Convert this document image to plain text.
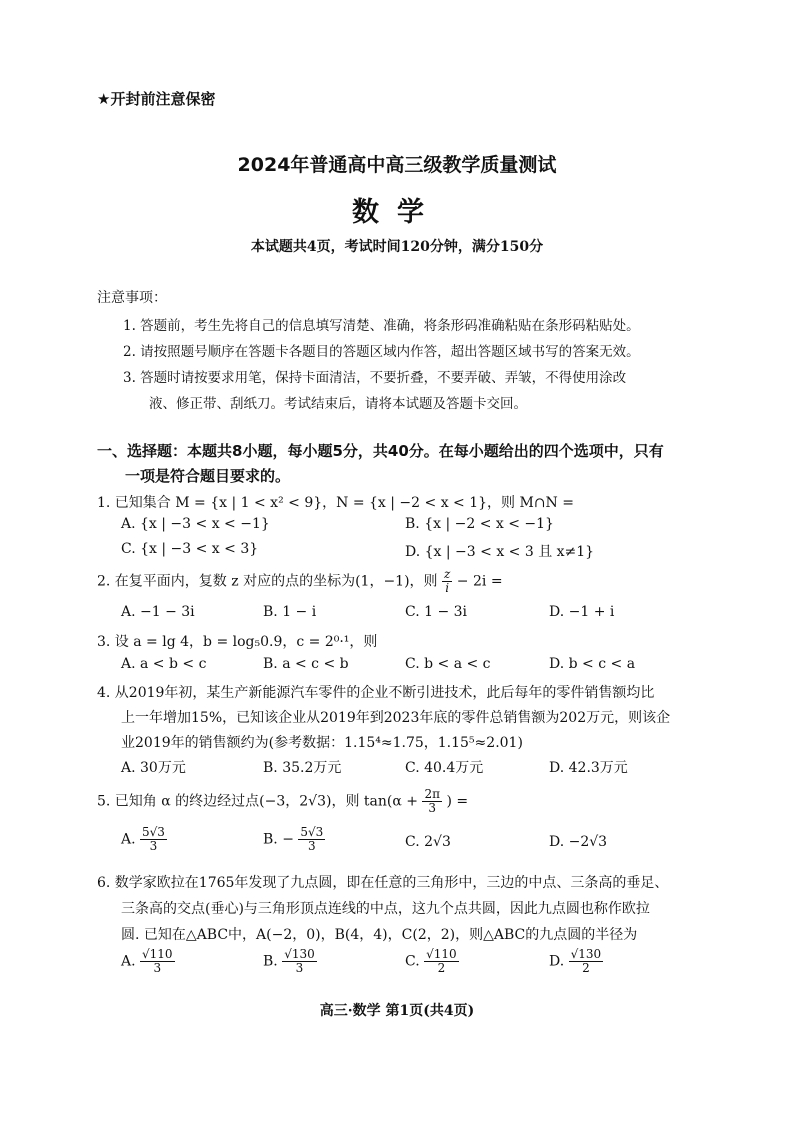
★开封前注意保密
2024年普通高中高三级教学质量测试
数学
本试题共4页，考试时间120分钟，满分150分
注意事项：
1. 答题前，考生先将自己的信息填写清楚、准确，将条形码准确粘贴在条形码粘贴处。
2. 请按照题号顺序在答题卡各题目的答题区域内作答，超出答题区域书写的答案无效。
3. 答题时请按要求用笔，保持卡面清洁，不要折叠，不要弄破、弄皱，不得使用涂改
液、修正带、刮纸刀。考试结束后，请将本试题及答题卡交回。
一、选择题：本题共8小题，每小题5分，共40分。在每小题给出的四个选项中，只有
一项是符合题目要求的。
1. 已知集合 M = {x | 1 < x² < 9}，N = {x | −2 < x < 1}，则 M∩N =
A. {x | −3 < x < −1}	B. {x | −2 < x < −1}
C. {x | −3 < x < 3}	D. {x | −3 < x < 3 且 x≠1}
2. 在复平面内，复数 z 对应的点的坐标为(1，−1)，则 $\frac{z}{i} - 2i$ =
A. −1 − 3i	B. 1 − i	C. 1 − 3i	D. −1 + i
3. 设 a = lg 4，b = log₅0.9，c = 2⁰·¹，则
A. a < b < c	B. a < c < b	C. b < a < c	D. b < c < a
4. 从2019年初，某生产新能源汽车零件的企业不断引进技术，此后每年的零件销售额均比
上一年增加15%，已知该企业从2019年到2023年底的零件总销售额为202万元，则该企
业2019年的销售额约为(参考数据：1.15⁴≈1.75，1.15⁵≈2.01)
A. 30万元	B. 35.2万元	C. 40.4万元	D. 42.3万元
5. 已知角 α 的终边经过点(−3，2√3)，则 $\tan(\alpha + \frac{2\pi}{3}$ ) =
A. $\frac{5√3}{3}$	B. − $\frac{5√3}{3}$	C. 2√3	D. −2√3
6. 数学家欧拉在1765年发现了九点圆，即在任意的三角形中，三边的中点、三条高的垂足、
三条高的交点(垂心)与三角形顶点连线的中点，这九个点共圆，因此九点圆也称作欧拉
圆. 已知在△ABC中，A(−2，0)，B(4，4)，C(2，2)，则△ABC的九点圆的半径为
A. $\frac{√110}{3}$	B. $\frac{√130}{3}$	C. $\frac{√110}{2}$	D. $\frac{√130}{2}$
高三·数学 第1页(共4页)
